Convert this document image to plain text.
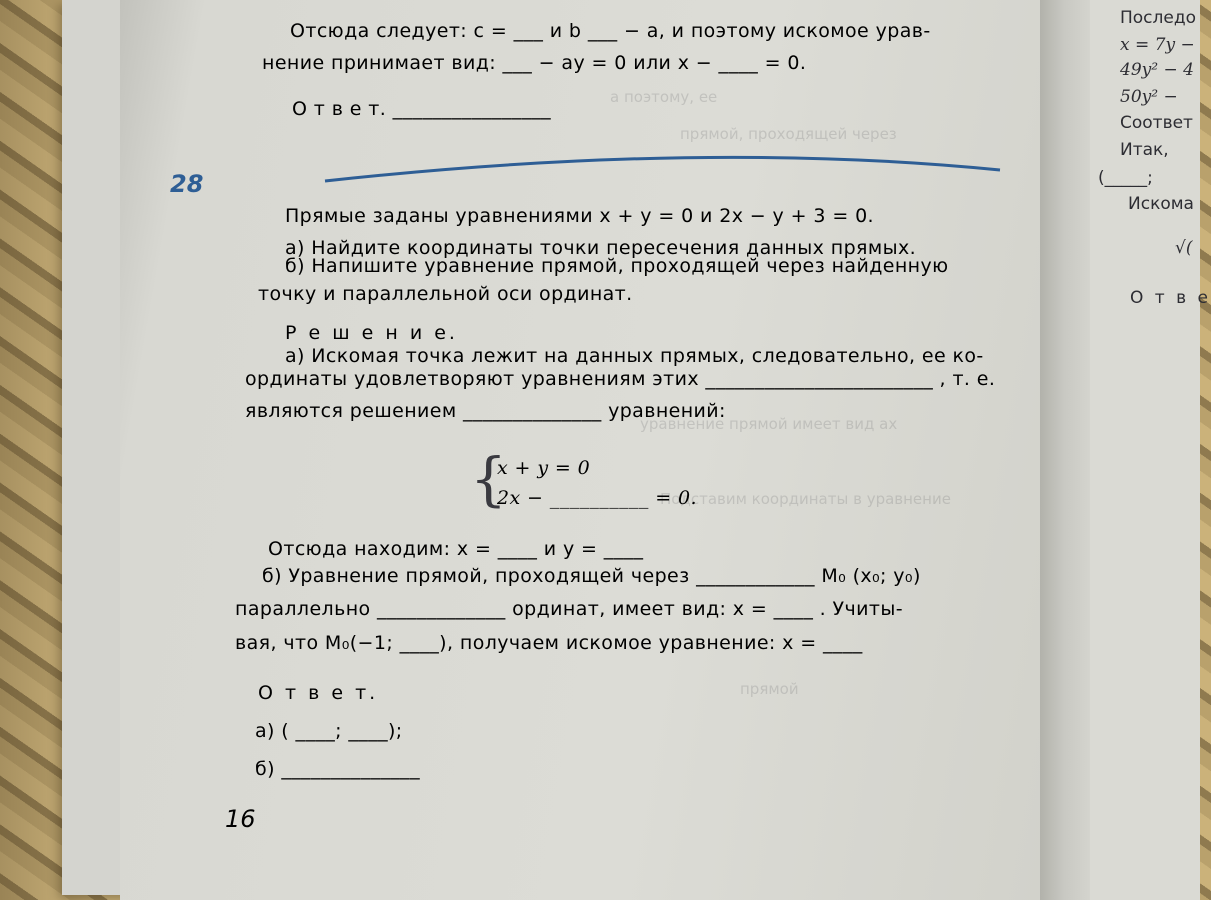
а поэтому, ее
прямой, проходящей через
уравнение прямой имеет вид ax
Подставим координаты в уравнение
прямой
Отсюда следует: c = ___ и b ___ − a, и поэтому искомое урав-
нение принимает вид: ___ − ay = 0 или x − ____ = 0.
О т в е т. ________________
28
Прямые заданы уравнениями x + y = 0 и 2x − y + 3 = 0.
а) Найдите координаты точки пересечения данных прямых.
б) Напишите уравнение прямой, проходящей через найденную
точку и параллельной оси ординат.
Р е ш е н и е.
а) Искомая точка лежит на данных прямых, следовательно, ее ко-
ординаты удовлетворяют уравнениям этих _______________________ , т. е.
являются решением ______________ уравнений:
{
x + y = 0
2x − __________ = 0.
Отсюда находим: x = ____ и y = ____
б) Уравнение прямой, проходящей через ____________ M₀ (x₀; y₀)
параллельно _____________ ординат, имеет вид: x = ____ . Учиты-
вая, что M₀(−1; ____), получаем искомое уравнение: x = ____
О т в е т.
а) ( ____; ____);
б) ______________
16
Последо
x = 7y −
49y² − 4
50y² −
Соответ
Итак,
(_____;
Искома
√(
О т в е
